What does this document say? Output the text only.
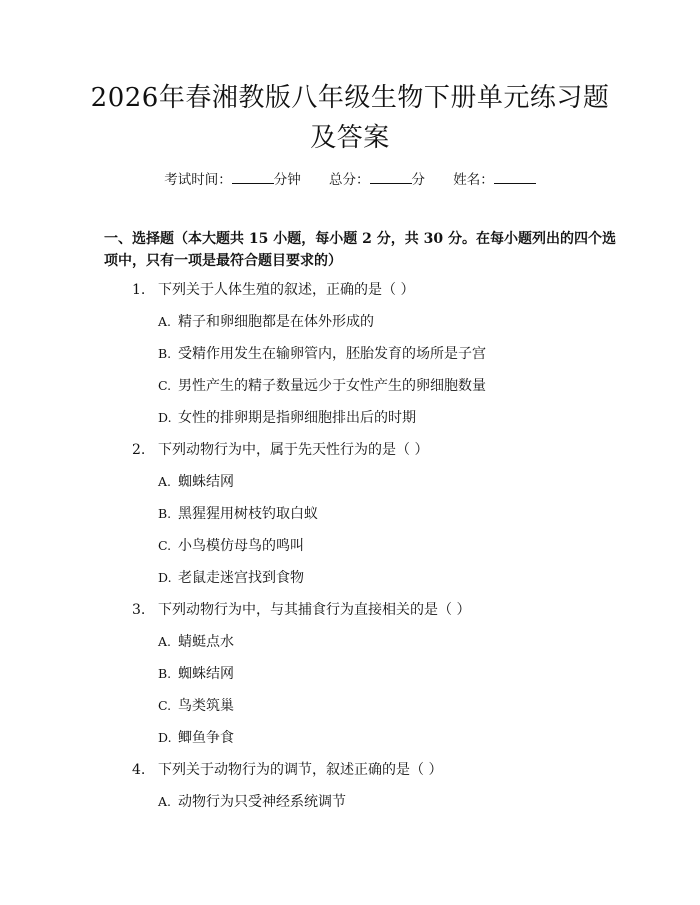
2026年春湘教版八年级生物下册单元练习题及答案
考试时间：	分钟 总分：	分 姓名：
一、选择题（本大题共 15 小题，每小题 2 分，共 30 分。在每小题列出的四个选项中，只有一项是最符合题目要求的）
1. 下列关于人体生殖的叙述，正确的是（ ）
A. 精子和卵细胞都是在体外形成的
B. 受精作用发生在输卵管内，胚胎发育的场所是子宫
C. 男性产生的精子数量远少于女性产生的卵细胞数量
D. 女性的排卵期是指卵细胞排出后的时期
2. 下列动物行为中，属于先天性行为的是（ ）
A. 蜘蛛结网
B. 黑猩猩用树枝钓取白蚁
C. 小鸟模仿母鸟的鸣叫
D. 老鼠走迷宫找到食物
3. 下列动物行为中，与其捕食行为直接相关的是（ ）
A. 蜻蜓点水
B. 蜘蛛结网
C. 鸟类筑巢
D. 鲫鱼争食
4. 下列关于动物行为的调节，叙述正确的是（ ）
A. 动物行为只受神经系统调节
